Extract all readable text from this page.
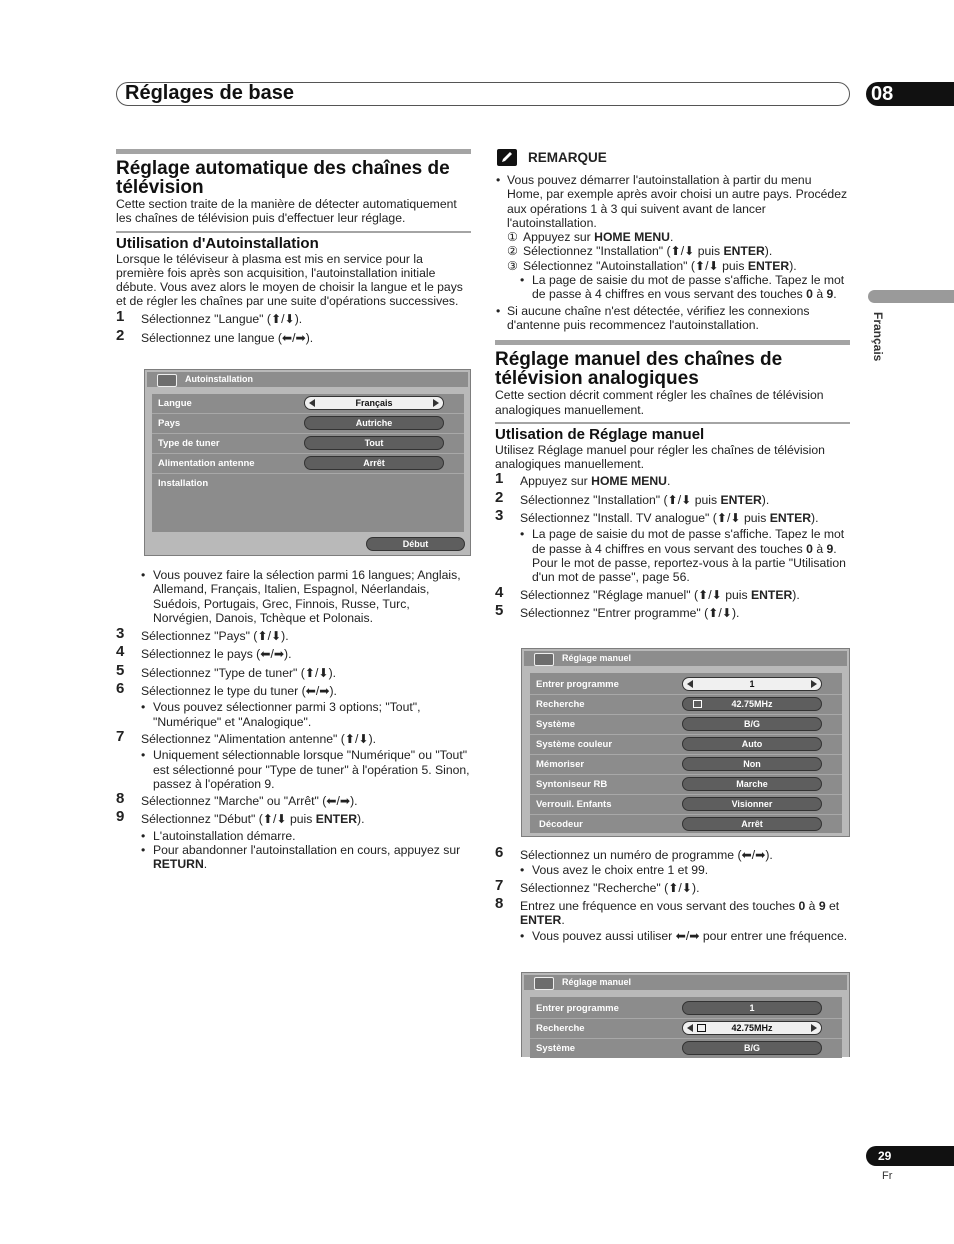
Réglages de base	08
Français
29
Fr
Réglage automatique des chaînes de télévision

Cette section traite de la manière de détecter automatiquement les chaînes de télévision puis d'effectuer leur réglage.

Utilisation d'Autoinstallation

Lorsque le téléviseur à plasma est mis en service pour la première fois après son acquisition, l'autoinstallation initiale débute. Vous avez alors le moyen de choisir la langue et le pays et de régler les chaînes par une suite d'opérations successives.

1 Sélectionnez "Langue" (⬆/⬇).
2 Sélectionnez une langue (⬅/➡).
Autoinstallation
Langue	Français
Pays	Autriche
Type de tuner	Tout
Alimentation antenne	Arrêt
Installation
Début
• Vous pouvez faire la sélection parmi 16 langues; Anglais, Allemand, Français, Italien, Espagnol, Néerlandais, Suédois, Portugais, Grec, Finnois, Russe, Turc, Norvégien, Danois, Tchèque et Polonais.
3 Sélectionnez "Pays" (⬆/⬇).
4 Sélectionnez le pays (⬅/➡).
5 Sélectionnez "Type de tuner" (⬆/⬇).
6 Sélectionnez le type du tuner (⬅/➡).
• Vous pouvez sélectionner parmi 3 options; "Tout", "Numérique" et "Analogique".
7 Sélectionnez "Alimentation antenne" (⬆/⬇).
• Uniquement sélectionnable lorsque "Numérique" ou "Tout" est sélectionné pour "Type de tuner" à l'opération 5. Sinon, passez à l'opération 9.
8 Sélectionnez "Marche" ou "Arrêt" (⬅/➡).
9 Sélectionnez "Début" (⬆/⬇ puis ENTER).
• L'autoinstallation démarre.
• Pour abandonner l'autoinstallation en cours, appuyez sur RETURN.
REMARQUE
• Vous pouvez démarrer l'autoinstallation à partir du menu Home, par exemple après avoir choisi un autre pays. Procédez aux opérations 1 à 3 qui suivent avant de lancer l'autoinstallation.
① Appuyez sur HOME MENU.
② Sélectionnez "Installation" (⬆/⬇ puis ENTER).
③ Sélectionnez "Autoinstallation" (⬆/⬇ puis ENTER).
• La page de saisie du mot de passe s'affiche. Tapez le mot de passe à 4 chiffres en vous servant des touches 0 à 9.
• Si aucune chaîne n'est détectée, vérifiez les connexions d'antenne puis recommencez l'autoinstallation.
Réglage manuel des chaînes de télévision analogiques

Cette section décrit comment régler les chaînes de télévision analogiques manuellement.

Utlisation de Réglage manuel

Utilisez Réglage manuel pour régler les chaînes de télévision analogiques manuellement.

1 Appuyez sur HOME MENU.
2 Sélectionnez "Installation" (⬆/⬇ puis ENTER).
3 Sélectionnez "Install. TV analogue" (⬆/⬇ puis ENTER).
• La page de saisie du mot de passe s'affiche. Tapez le mot de passe à 4 chiffres en vous servant des touches 0 à 9. Pour le mot de passe, reportez-vous à la partie "Utilisation d'un mot de passe", page 56.
4 Sélectionnez "Réglage manuel" (⬆/⬇ puis ENTER).
5 Sélectionnez "Entrer programme" (⬆/⬇).
Réglage manuel
Entrer programme	1
Recherche	42.75MHz
Système	B/G
Système couleur	Auto
Mémoriser	Non
Syntoniseur RB	Marche
Verrouil. Enfants	Visionner
Décodeur	Arrêt
6 Sélectionnez un numéro de programme (⬅/➡).
• Vous avez le choix entre 1 et 99.
7 Sélectionnez "Recherche" (⬆/⬇).
8 Entrez une fréquence en vous servant des touches 0 à 9 et ENTER.
• Vous pouvez aussi utiliser ⬅/➡ pour entrer une fréquence.
Réglage manuel
Entrer programme	1
Recherche	42.75MHz
Système	B/G
